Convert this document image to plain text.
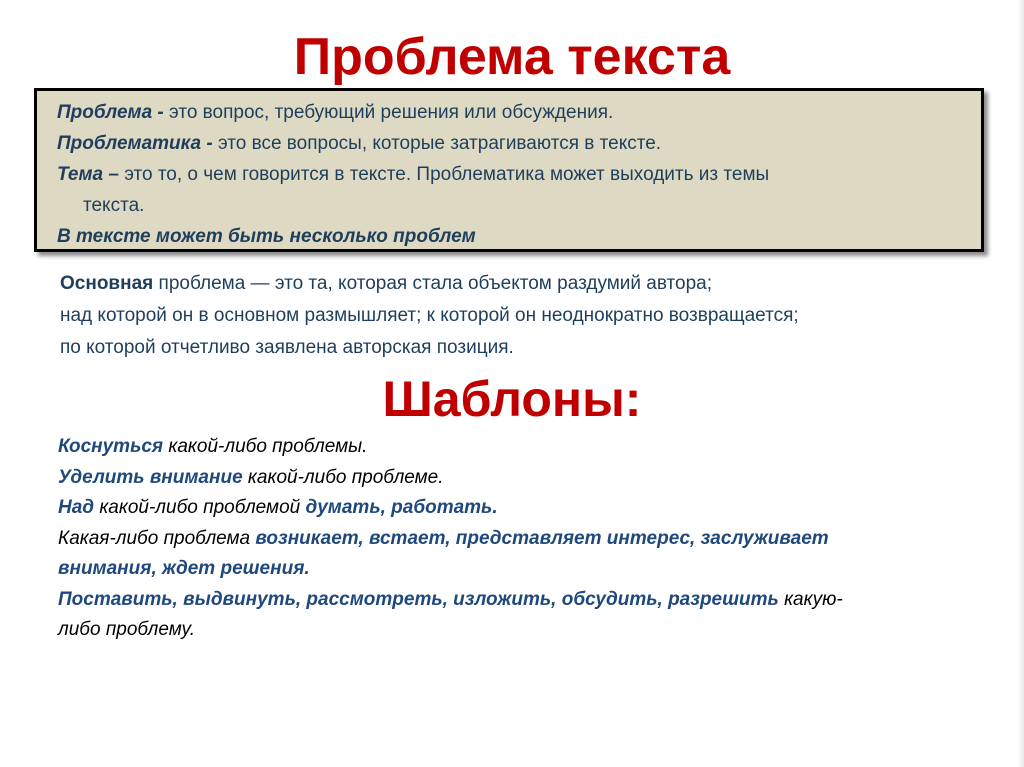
Проблема текста
Проблема - это вопрос, требующий решения или обсуждения.
Проблематика - это все вопросы, которые затрагиваются в тексте.
Тема – это то, о чем говорится в тексте. Проблематика может выходить из темы
текста.
В тексте может быть несколько проблем
Основная проблема — это та, которая стала объектом раздумий автора;
над которой он в основном размышляет; к которой он неоднократно возвращается;
по которой отчетливо заявлена авторская позиция.
Шаблоны:
Коснуться какой-либо проблемы.
Уделить внимание какой-либо проблеме.
Над какой-либо проблемой думать, работать.
Какая-либо проблема возникает, встает, представляет интерес, заслуживает
внимания, ждет решения.
Поставить, выдвинуть, рассмотреть, изложить, обсудить, разрешить какую-
либо проблему.
